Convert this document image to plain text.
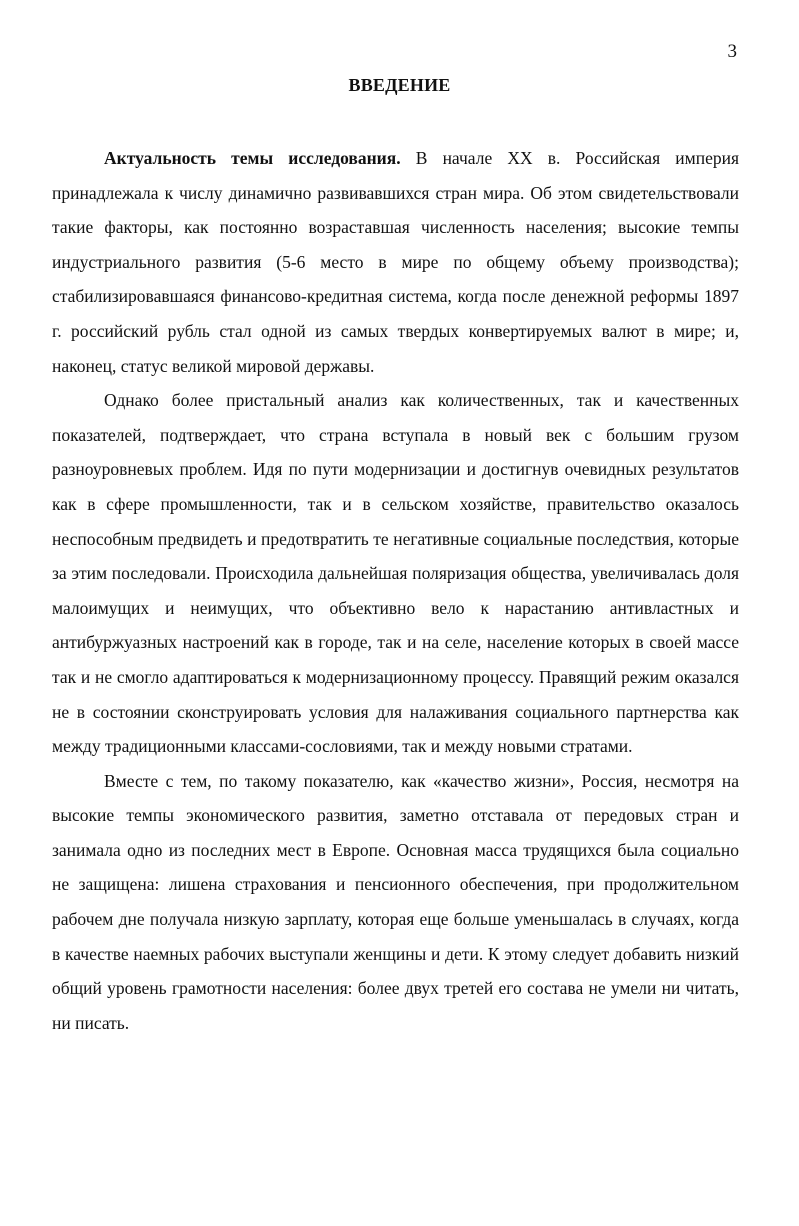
3
ВВЕДЕНИЕ

Актуальность темы исследования. В начале XX в. Российская империя принадлежала к числу динамично развивавшихся стран мира. Об этом свидетельствовали такие факторы, как постоянно возраставшая численность населения; высокие темпы индустриального развития (5-6 место в мире по общему объему производства); стабилизировавшаяся финансово-кредитная система, когда после денежной реформы 1897 г. российский рубль стал одной из самых твердых конвертируемых валют в мире; и, наконец, статус великой мировой державы.

Однако более пристальный анализ как количественных, так и качественных показателей, подтверждает, что страна вступала в новый век с большим грузом разноуровневых проблем. Идя по пути модернизации и достигнув очевидных результатов как в сфере промышленности, так и в сельском хозяйстве, правительство оказалось неспособным предвидеть и предотвратить те негативные социальные последствия, которые за этим последовали. Происходила дальнейшая поляризация общества, увеличивалась доля малоимущих и неимущих, что объективно вело к нарастанию антивластных и антибуржуазных настроений как в городе, так и на селе, население которых в своей массе так и не смогло адаптироваться к модернизационному процессу. Правящий режим оказался не в состоянии сконструировать условия для налаживания социального партнерства как между традиционными классами-сословиями, так и между новыми стратами.

Вместе с тем, по такому показателю, как «качество жизни», Россия, несмотря на высокие темпы экономического развития, заметно отставала от передовых стран и занимала одно из последних мест в Европе. Основная масса трудящихся была социально не защищена: лишена страхования и пенсионного обеспечения, при продолжительном рабочем дне получала низкую зарплату, которая еще больше уменьшалась в случаях, когда в качестве наемных рабочих выступали женщины и дети. К этому следует добавить низкий общий уровень грамотности населения: более двух третей его состава не умели ни читать, ни писать.
